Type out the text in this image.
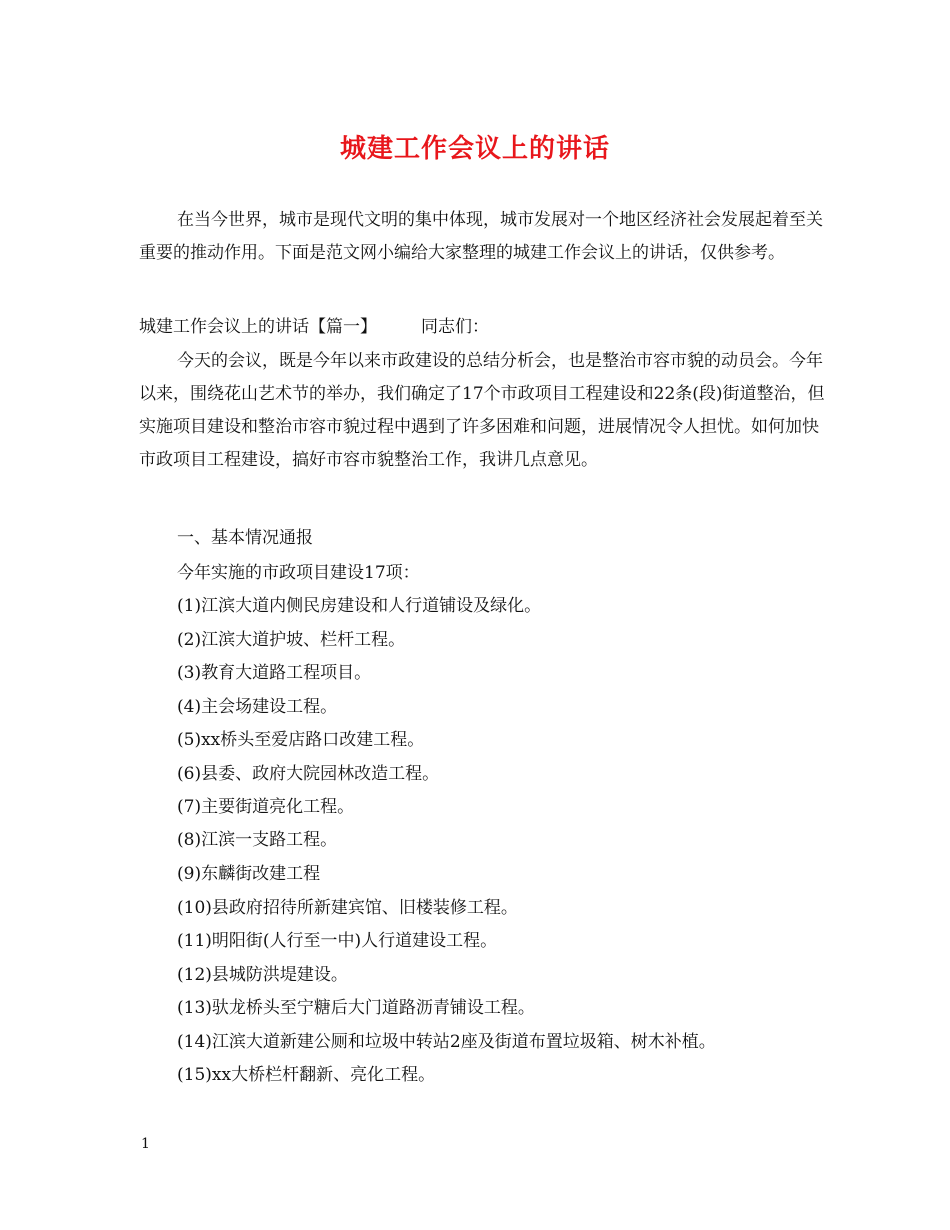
城建工作会议上的讲话
在当今世界，城市是现代文明的集中体现，城市发展对一个地区经济社会发展起着至关重要的推动作用。下面是范文网小编给大家整理的城建工作会议上的讲话，仅供参考。
城建工作会议上的讲话【篇一】	同志们：
今天的会议，既是今年以来市政建设的总结分析会，也是整治市容市貌的动员会。今年以来，围绕花山艺术节的举办，我们确定了17个市政项目工程建设和22条(段)街道整治，但实施项目建设和整治市容市貌过程中遇到了许多困难和问题，进展情况令人担忧。如何加快市政项目工程建设，搞好市容市貌整治工作，我讲几点意见。
一、基本情况通报
今年实施的市政项目建设17项：
(1)江滨大道内侧民房建设和人行道铺设及绿化。
(2)江滨大道护坡、栏杆工程。
(3)教育大道路工程项目。
(4)主会场建设工程。
(5)xx桥头至爱店路口改建工程。
(6)县委、政府大院园林改造工程。
(7)主要街道亮化工程。
(8)江滨一支路工程。
(9)东麟街改建工程
(10)县政府招待所新建宾馆、旧楼装修工程。
(11)明阳街(人行至一中)人行道建设工程。
(12)县城防洪堤建设。
(13)驮龙桥头至宁糖后大门道路沥青铺设工程。
(14)江滨大道新建公厕和垃圾中转站2座及街道布置垃圾箱、树木补植。
(15)xx大桥栏杆翻新、亮化工程。
1
